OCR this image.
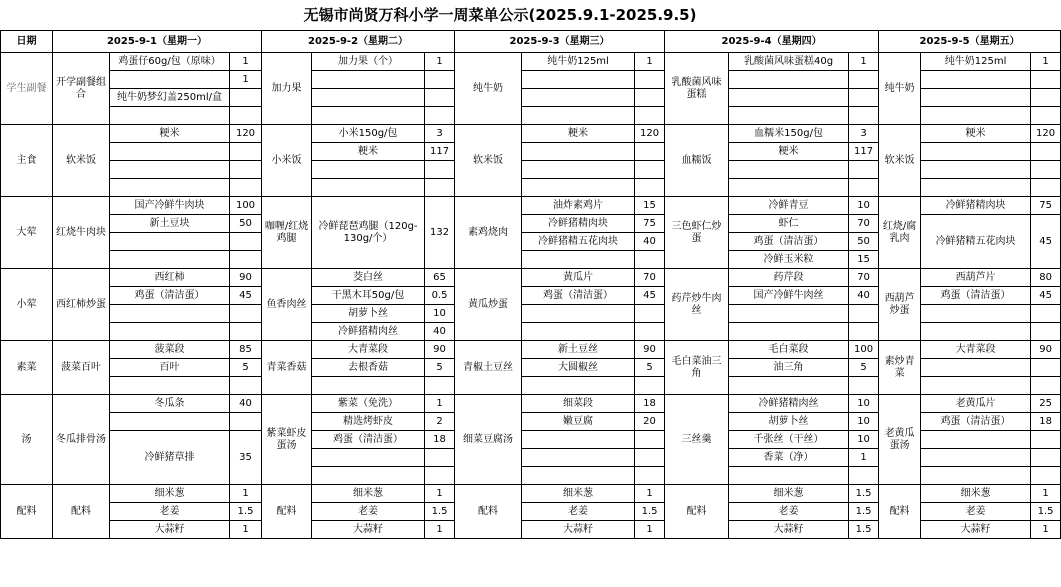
无锡市尚贤万科小学一周菜单公示(2025.9.1-2025.9.5)
日期	2025-9-1（星期一）			2025-9-2（星期二）			2025-9-3（星期三）			2025-9-4（星期四）			2025-9-5（星期五）		
学生副餐	开学副餐组合	鸡蛋仔60g/包（原味）	1	加力果	加力果（个）	1	纯牛奶	纯牛奶125ml	1	乳酸菌风味蛋糕	乳酸菌风味蛋糕40g	1	纯牛奶	纯牛奶125ml	1
			1												
		纯牛奶梦幻盖250ml/盒													

主食	软米饭	粳米	120	小米饭	小米150g/包	3	软米饭	粳米	120	血糯饭	血糯米150g/包	3	软米饭	粳米	120
					粳米	117					粳米	117			

大荤	红烧牛肉块	国产冷鲜牛肉块	100	咖喱/红烧鸡腿	冷鲜琵琶鸡腿（120g-130g/个）	132	素鸡烧肉	油炸素鸡片	15	三色虾仁炒蛋	冷鲜青豆	10	红烧/腐乳肉	冷鲜猪精肉块	75
		新土豆块	50					冷鲜猪精肉块	75		虾仁	70		冷鲜猪精五花肉块	45
								冷鲜猪精五花肉块	40		鸡蛋（清洁蛋）	50			
											冷鲜玉米粒	15			
小荤	西红柿炒蛋	西红柿	90	鱼香肉丝	茭白丝	65	黄瓜炒蛋	黄瓜片	70	药芹炒牛肉丝	药芹段	70	西葫芦炒蛋	西葫芦片	80
		鸡蛋（清洁蛋）	45		干黑木耳50g/包	0.5		鸡蛋（清洁蛋）	45		国产冷鲜牛肉丝	40		鸡蛋（清洁蛋）	45
					胡萝卜丝	10									
					冷鲜猪精肉丝	40									
素菜	菠菜百叶	菠菜段	85	青菜香菇	大青菜段	90	青椒土豆丝	新土豆丝	90	毛白菜油三角	毛白菜段	100	素炒青菜	大青菜段	90
		百叶	5		去根香菇	5		大圆椒丝	5		油三角	5			

汤	冬瓜排骨汤	冬瓜条	40	紫菜虾皮蛋汤	紫菜（免洗）	1	细菜豆腐汤	细菜段	18	三丝羹	冷鲜猪精肉丝	10	老黄瓜蛋汤	老黄瓜片	25
					精选烤虾皮	2		嫩豆腐	20		胡萝卜丝	10		鸡蛋（清洁蛋）	18
		冷鲜猪草排	35		鸡蛋（清洁蛋）	18					千张丝（干丝）	10			
											香菜（净）	1			

配料	配料	细米葱	1	配料	细米葱	1	配料	细米葱	1	配料	细米葱	1.5	配料	细米葱	1
		老姜	1.5		老姜	1.5		老姜	1.5		老姜	1.5		老姜	1.5
		大蒜籽	1		大蒜籽	1		大蒜籽	1		大蒜籽	1.5		大蒜籽	1
